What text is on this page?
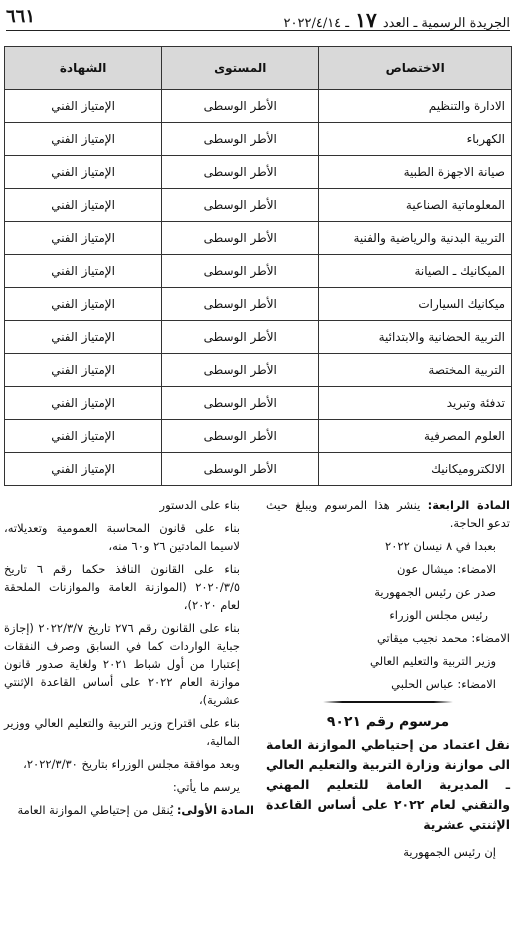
الجريدة الرسمية ـ العدد ١٧ ـ ٢٠٢٢/٤/١٤
٦٦١
الاختصاص	المستوى	الشهادة
الادارة والتنظيم	الأطر الوسطى	الإمتياز الفني
الكهرباء	الأطر الوسطى	الإمتياز الفني
صيانة الاجهزة الطبية	الأطر الوسطى	الإمتياز الفني
المعلوماتية الصناعية	الأطر الوسطى	الإمتياز الفني
التربية البدنية والرياضية والفنية	الأطر الوسطى	الإمتياز الفني
الميكانيك ـ الصيانة	الأطر الوسطى	الإمتياز الفني
ميكانيك السيارات	الأطر الوسطى	الإمتياز الفني
التربية الحضانية والابتدائية	الأطر الوسطى	الإمتياز الفني
التربية المختصة	الأطر الوسطى	الإمتياز الفني
تدفئة وتبريد	الأطر الوسطى	الإمتياز الفني
العلوم المصرفية	الأطر الوسطى	الإمتياز الفني
الالكتروميكانيك	الأطر الوسطى	الإمتياز الفني

المادة الرابعة: ينشر هذا المرسوم ويبلغ حيث تدعو الحاجة.

بعبدا في ٨ نيسان ٢٠٢٢

الامضاء: ميشال عون

صدر عن رئيس الجمهورية

رئيس مجلس الوزراء

الامضاء: محمد نجيب ميقاتي

وزير التربية والتعليم العالي

الامضاء: عباس الحلبي

مرسوم رقم ٩٠٢١
نقل اعتماد من إحتياطي الموازنة العامة الى موازنة وزارة التربية والتعليم العالي ـ المديرية العامة للتعليم المهني والتقني لعام ٢٠٢٢ على أساس القاعدة الإثنتي عشرية

إن رئيس الجمهورية

بناء على الدستور

بناء على قانون المحاسبة العمومية وتعديلاته، لاسيما المادتين ٢٦ و٦٠ منه،

بناء على القانون النافذ حكما رقم ٦ تاريخ ٢٠٢٠/٣/٥ (الموازنة العامة والموازنات الملحقة لعام ٢٠٢٠)،

بناء على القانون رقم ٢٧٦ تاريخ ٢٠٢٢/٣/٧ (إجازة جباية الواردات كما في السابق وصرف النفقات إعتبارا من أول شباط ٢٠٢١ ولغاية صدور قانون موازنة العام ٢٠٢٢ على أساس القاعدة الإثنتي عشرية)،

بناء على اقتراح وزير التربية والتعليم العالي ووزير المالية،

وبعد موافقة مجلس الوزراء بتاريخ ٢٠٢٢/٣/٣٠،

يرسم ما يأتي:

المادة الأولى: يُنقل من إحتياطي الموازنة العامة
